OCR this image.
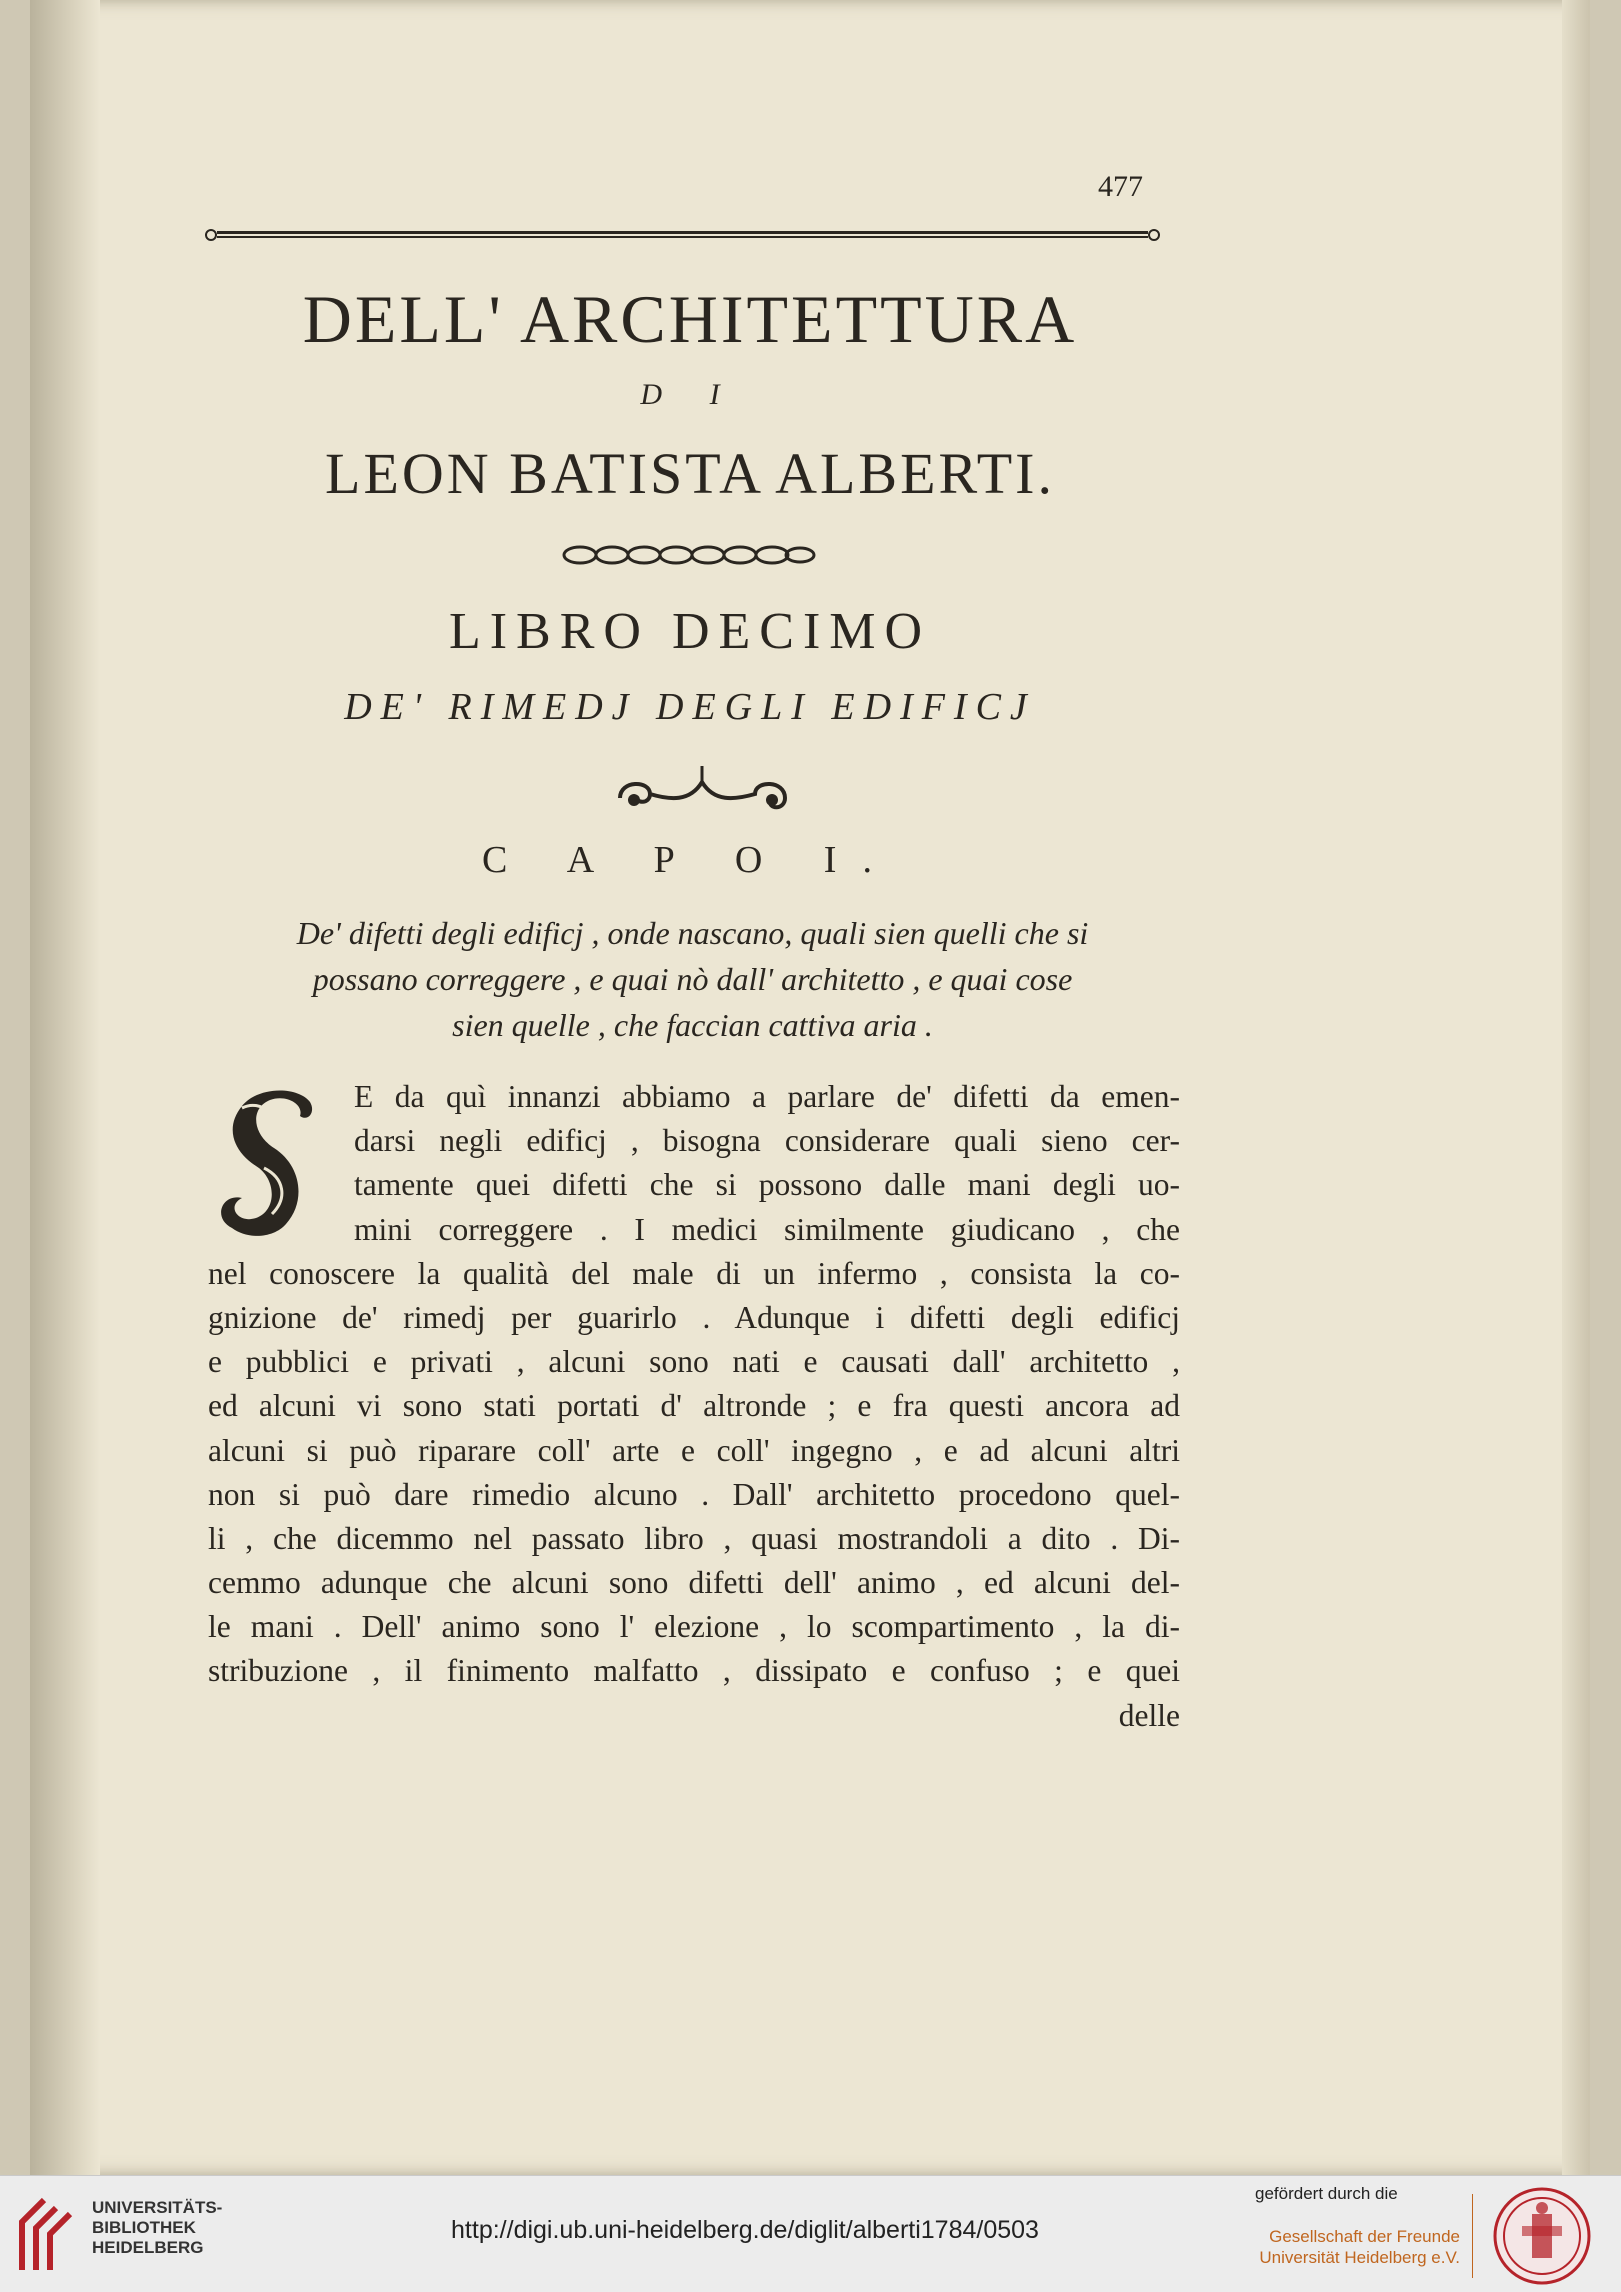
477
DELL' ARCHITETTURA
D I
LEON BATISTA ALBERTI.
LIBRO DECIMO
DE' RIMEDJ DEGLI EDIFICJ
C A P O I.
De' difetti degli edificj , onde nascano, quali sien quelli che si
possano correggere , e quai nò dall' architetto , e quai cose
sien quelle , che faccian cattiva aria .
E da quì innanzi abbiamo a parlare de' difetti da emen-
darsi negli edificj , bisogna considerare quali sieno cer-
tamente quei difetti che si possono dalle mani degli uo-
mini correggere . I medici similmente giudicano , che
nel conoscere la qualità del male di un infermo , consista la co-
gnizione de' rimedj per guarirlo . Adunque i difetti degli edificj
e pubblici e privati , alcuni sono nati e causati dall' architetto ,
ed alcuni vi sono stati portati d' altronde ; e fra questi ancora ad
alcuni si può riparare coll' arte e coll' ingegno , e ad alcuni altri
non si può dare rimedio alcuno . Dall' architetto procedono quel-
li , che dicemmo nel passato libro , quasi mostrandoli a dito . Di-
cemmo adunque che alcuni sono difetti dell' animo , ed alcuni del-
le mani . Dell' animo sono l' elezione , lo scompartimento , la di-
stribuzione , il finimento malfatto , dissipato e confuso ; e quei
delle
UNIVERSITÄTS-
BIBLIOTHEK
HEIDELBERG
http://digi.ub.uni-heidelberg.de/diglit/alberti1784/0503
gefördert durch die
Gesellschaft der Freunde
Universität Heidelberg e.V.
